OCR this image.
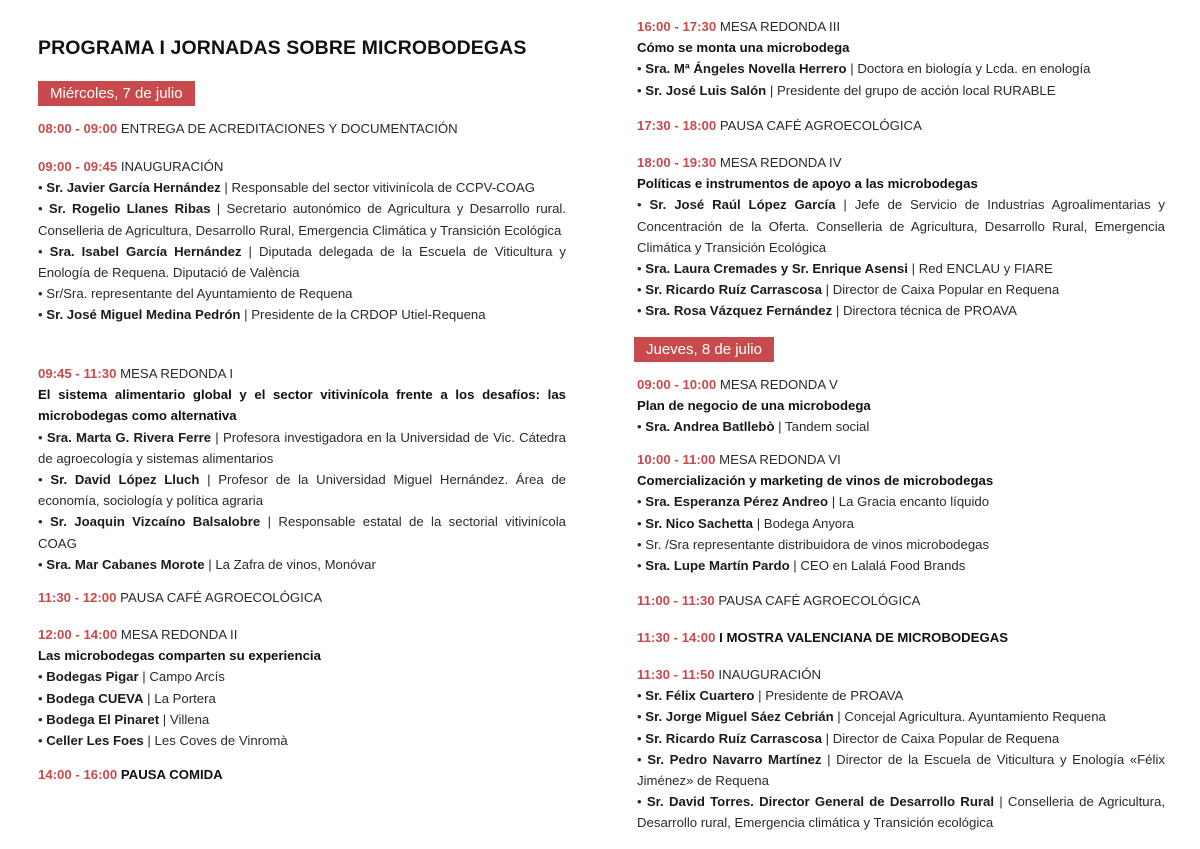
PROGRAMA I JORNADAS SOBRE MICROBODEGAS
Miércoles, 7 de julio
08:00 - 09:00 ENTREGA DE ACREDITACIONES Y DOCUMENTACIÓN
09:00 - 09:45 INAUGURACIÓN
• Sr. Javier García Hernández | Responsable del sector vitivinícola de CCPV-COAG
• Sr. Rogelio Llanes Ribas | Secretario autonómico de Agricultura y Desarrollo rural. Conselleria de Agricultura, Desarrollo Rural, Emergencia Climática y Transición Ecológica
• Sra. Isabel García Hernández | Diputada delegada de la Escuela de Viticultura y Enología de Requena. Diputació de València
• Sr/Sra. representante del Ayuntamiento de Requena
• Sr. José Miguel Medina Pedrón | Presidente de la CRDOP Utiel-Requena
09:45 - 11:30 MESA REDONDA I
El sistema alimentario global y el sector vitivinícola frente a los desafíos: las microbodegas como alternativa
• Sra. Marta G. Rivera Ferre | Profesora investigadora en la Universidad de Vic. Cátedra de agroecología y sistemas alimentarios
• Sr. David López Lluch | Profesor de la Universidad Miguel Hernández. Área de economía, sociología y política agraria
• Sr. Joaquin Vizcaíno Balsalobre | Responsable estatal de la sectorial vitivinícola COAG
• Sra. Mar Cabanes Morote | La Zafra de vinos, Monóvar
11:30 - 12:00 PAUSA CAFÉ AGROECOLÓGICA
12:00 - 14:00 MESA REDONDA II
Las microbodegas comparten su experiencia
• Bodegas Pigar | Campo Arcís
• Bodega CUEVA | La Portera
• Bodega El Pinaret | Villena
• Celler Les Foes | Les Coves de Vinromà
14:00 - 16:00 PAUSA COMIDA
16:00 - 17:30 MESA REDONDA III
Cómo se monta una microbodega
• Sra. Mª Ángeles Novella Herrero | Doctora en biología y Lcda. en enología
• Sr. José Luis Salón | Presidente del grupo de acción local RURABLE
17:30 - 18:00 PAUSA CAFÉ AGROECOLÓGICA
18:00 - 19:30 MESA REDONDA IV
Políticas e instrumentos de apoyo a las microbodegas
• Sr. José Raúl López García | Jefe de Servicio de Industrias Agroalimentarias y Concentración de la Oferta. Conselleria de Agricultura, Desarrollo Rural, Emergencia Climática y Transición Ecológica
• Sra. Laura Cremades y Sr. Enrique Asensi | Red ENCLAU y FIARE
• Sr. Ricardo Ruíz Carrascosa | Director de Caixa Popular en Requena
• Sra. Rosa Vázquez Fernández | Directora técnica de PROAVA
Jueves, 8 de julio
09:00 - 10:00 MESA REDONDA V
Plan de negocio de una microbodega
• Sra. Andrea Batllebò | Tandem social
10:00 - 11:00 MESA REDONDA VI
Comercialización y marketing de vinos de microbodegas
• Sra. Esperanza Pérez Andreo | La Gracia encanto líquido
• Sr. Nico Sachetta | Bodega Anyora
• Sr. /Sra representante distribuidora de vinos microbodegas
• Sra. Lupe Martín Pardo | CEO en Lalalá Food Brands
11:00 - 11:30 PAUSA CAFÉ AGROECOLÓGICA
11:30 - 14:00 I MOSTRA VALENCIANA DE MICROBODEGAS
11:30 - 11:50 INAUGURACIÓN
• Sr. Félix Cuartero | Presidente de PROAVA
• Sr. Jorge Miguel Sáez Cebrián | Concejal Agricultura. Ayuntamiento Requena
• Sr. Ricardo Ruíz Carrascosa | Director de Caixa Popular de Requena
• Sr. Pedro Navarro Martínez | Director de la Escuela de Viticultura y Enología «Félix Jiménez» de Requena
• Sr. David Torres. Director General de Desarrollo Rural | Conselleria de Agricultura, Desarrollo rural, Emergencia climática y Transición ecológica
